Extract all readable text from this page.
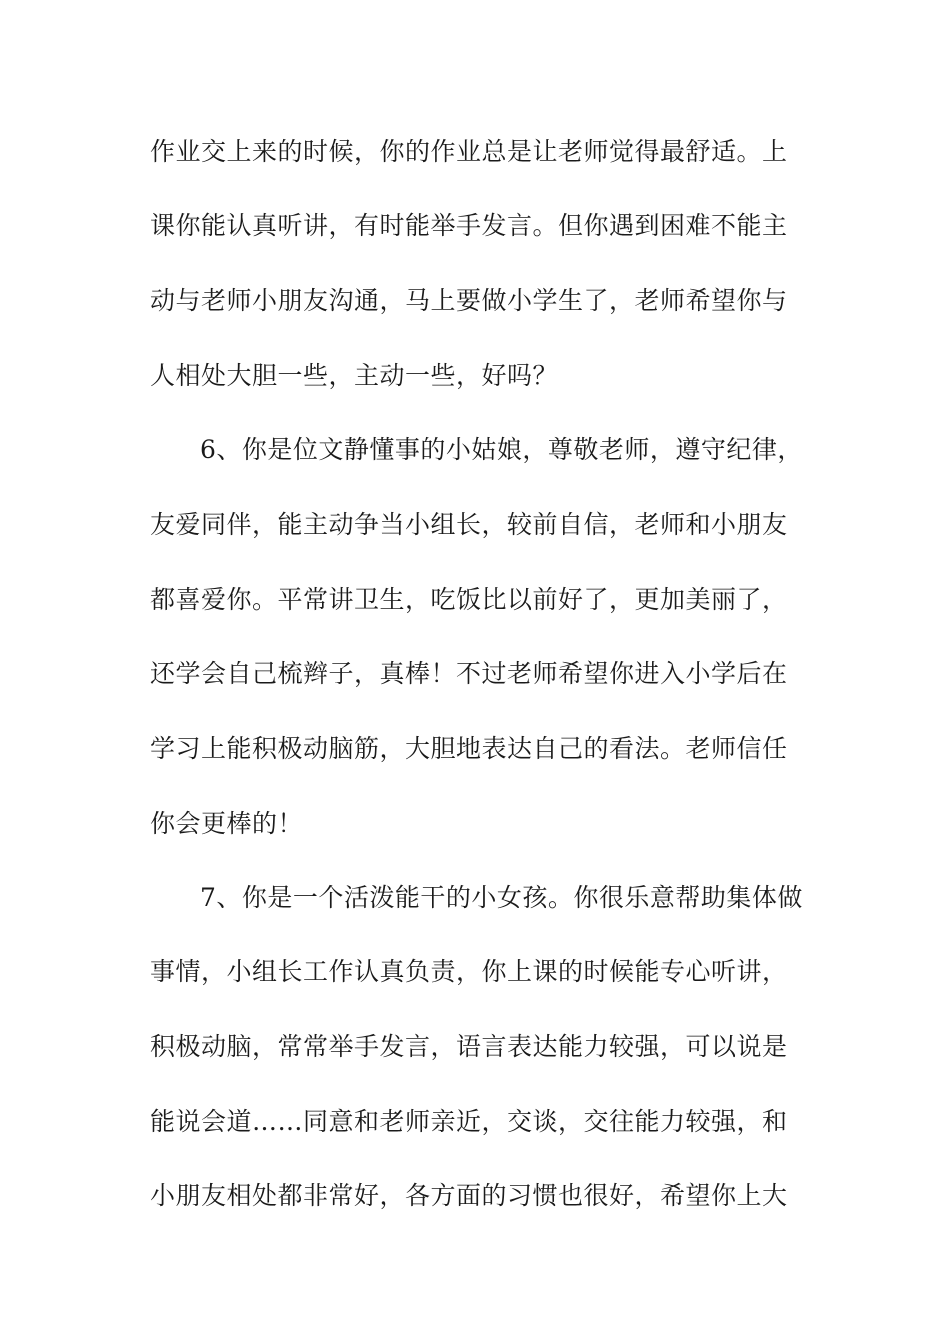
作业交上来的时候，你的作业总是让老师觉得最舒适。上
课你能认真听讲，有时能举手发言。但你遇到困难不能主
动与老师小朋友沟通，马上要做小学生了，老师希望你与
人相处大胆一些，主动一些，好吗？
6、你是位文静懂事的小姑娘，尊敬老师，遵守纪律，
友爱同伴，能主动争当小组长，较前自信，老师和小朋友
都喜爱你。平常讲卫生，吃饭比以前好了，更加美丽了，
还学会自己梳辫子，真棒！不过老师希望你进入小学后在
学习上能积极动脑筋，大胆地表达自己的看法。老师信任
你会更棒的！
7、你是一个活泼能干的小女孩。你很乐意帮助集体做
事情，小组长工作认真负责，你上课的时候能专心听讲，
积极动脑，常常举手发言，语言表达能力较强，可以说是
能说会道……同意和老师亲近，交谈，交往能力较强，和
小朋友相处都非常好，各方面的习惯也很好，希望你上大
